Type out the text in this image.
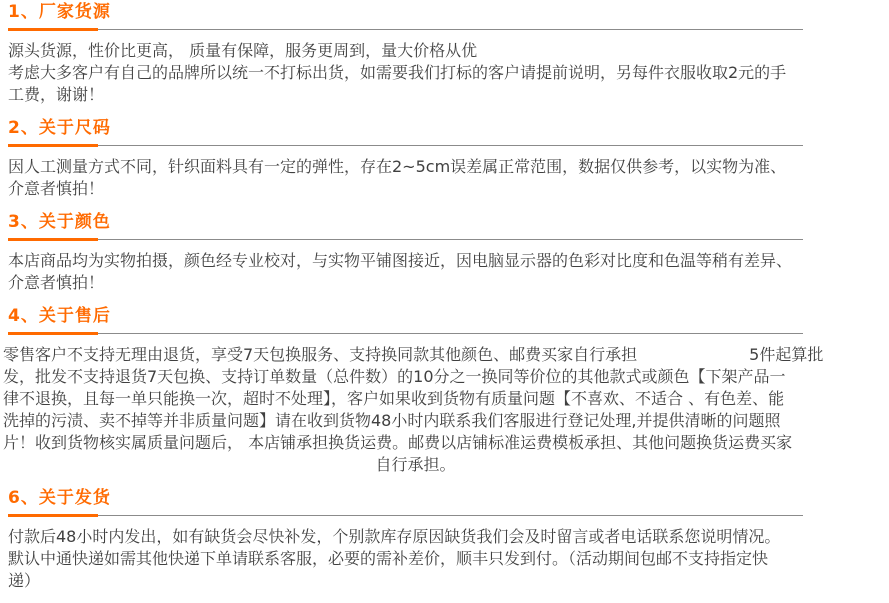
1、厂家货源
源头货源，性价比更高， 质量有保障，服务更周到，量大价格从优
考虑大多客户有自己的品牌所以统一不打标出货，如需要我们打标的客户请提前说明，另每件衣服收取2元的手
工费，谢谢！
2、关于尺码
因人工测量方式不同，针织面料具有一定的弹性，存在2~5cm误差属正常范围，数据仅供参考，以实物为准、
介意者慎拍！
3、关于颜色
本店商品均为实物拍摄，颜色经专业校对，与实物平铺图接近，因电脑显示器的色彩对比度和色温等稍有差异、
介意者慎拍！
4、关于售后
零售客户不支持无理由退货，享受7天包换服务、支持换同款其他颜色、邮费买家自行承担　　　　　　　5件起算批
发，批发不支持退货7天包换、支持订单数量（总件数）的10分之一换同等价位的其他款式或颜色【下架产品一
律不退换，且每一单只能换一次，超时不处理】，客户如果收到货物有质量问题【不喜欢、不适合 、有色差、能
洗掉的污渍、卖不掉等并非质量问题】请在收到货物48小时内联系我们客服进行登记处理,并提供清晰的问题照
片！收到货物核实属质量问题后， 本店铺承担换货运费。邮费以店铺标准运费模板承担、其他问题换货运费买家
自行承担。
6、关于发货
付款后48小时内发出，如有缺货会尽快补发，个别款库存原因缺货我们会及时留言或者电话联系您说明情况。
默认中通快递如需其他快递下单请联系客服，必要的需补差价，顺丰只发到付。（活动期间包邮不支持指定快
递）
